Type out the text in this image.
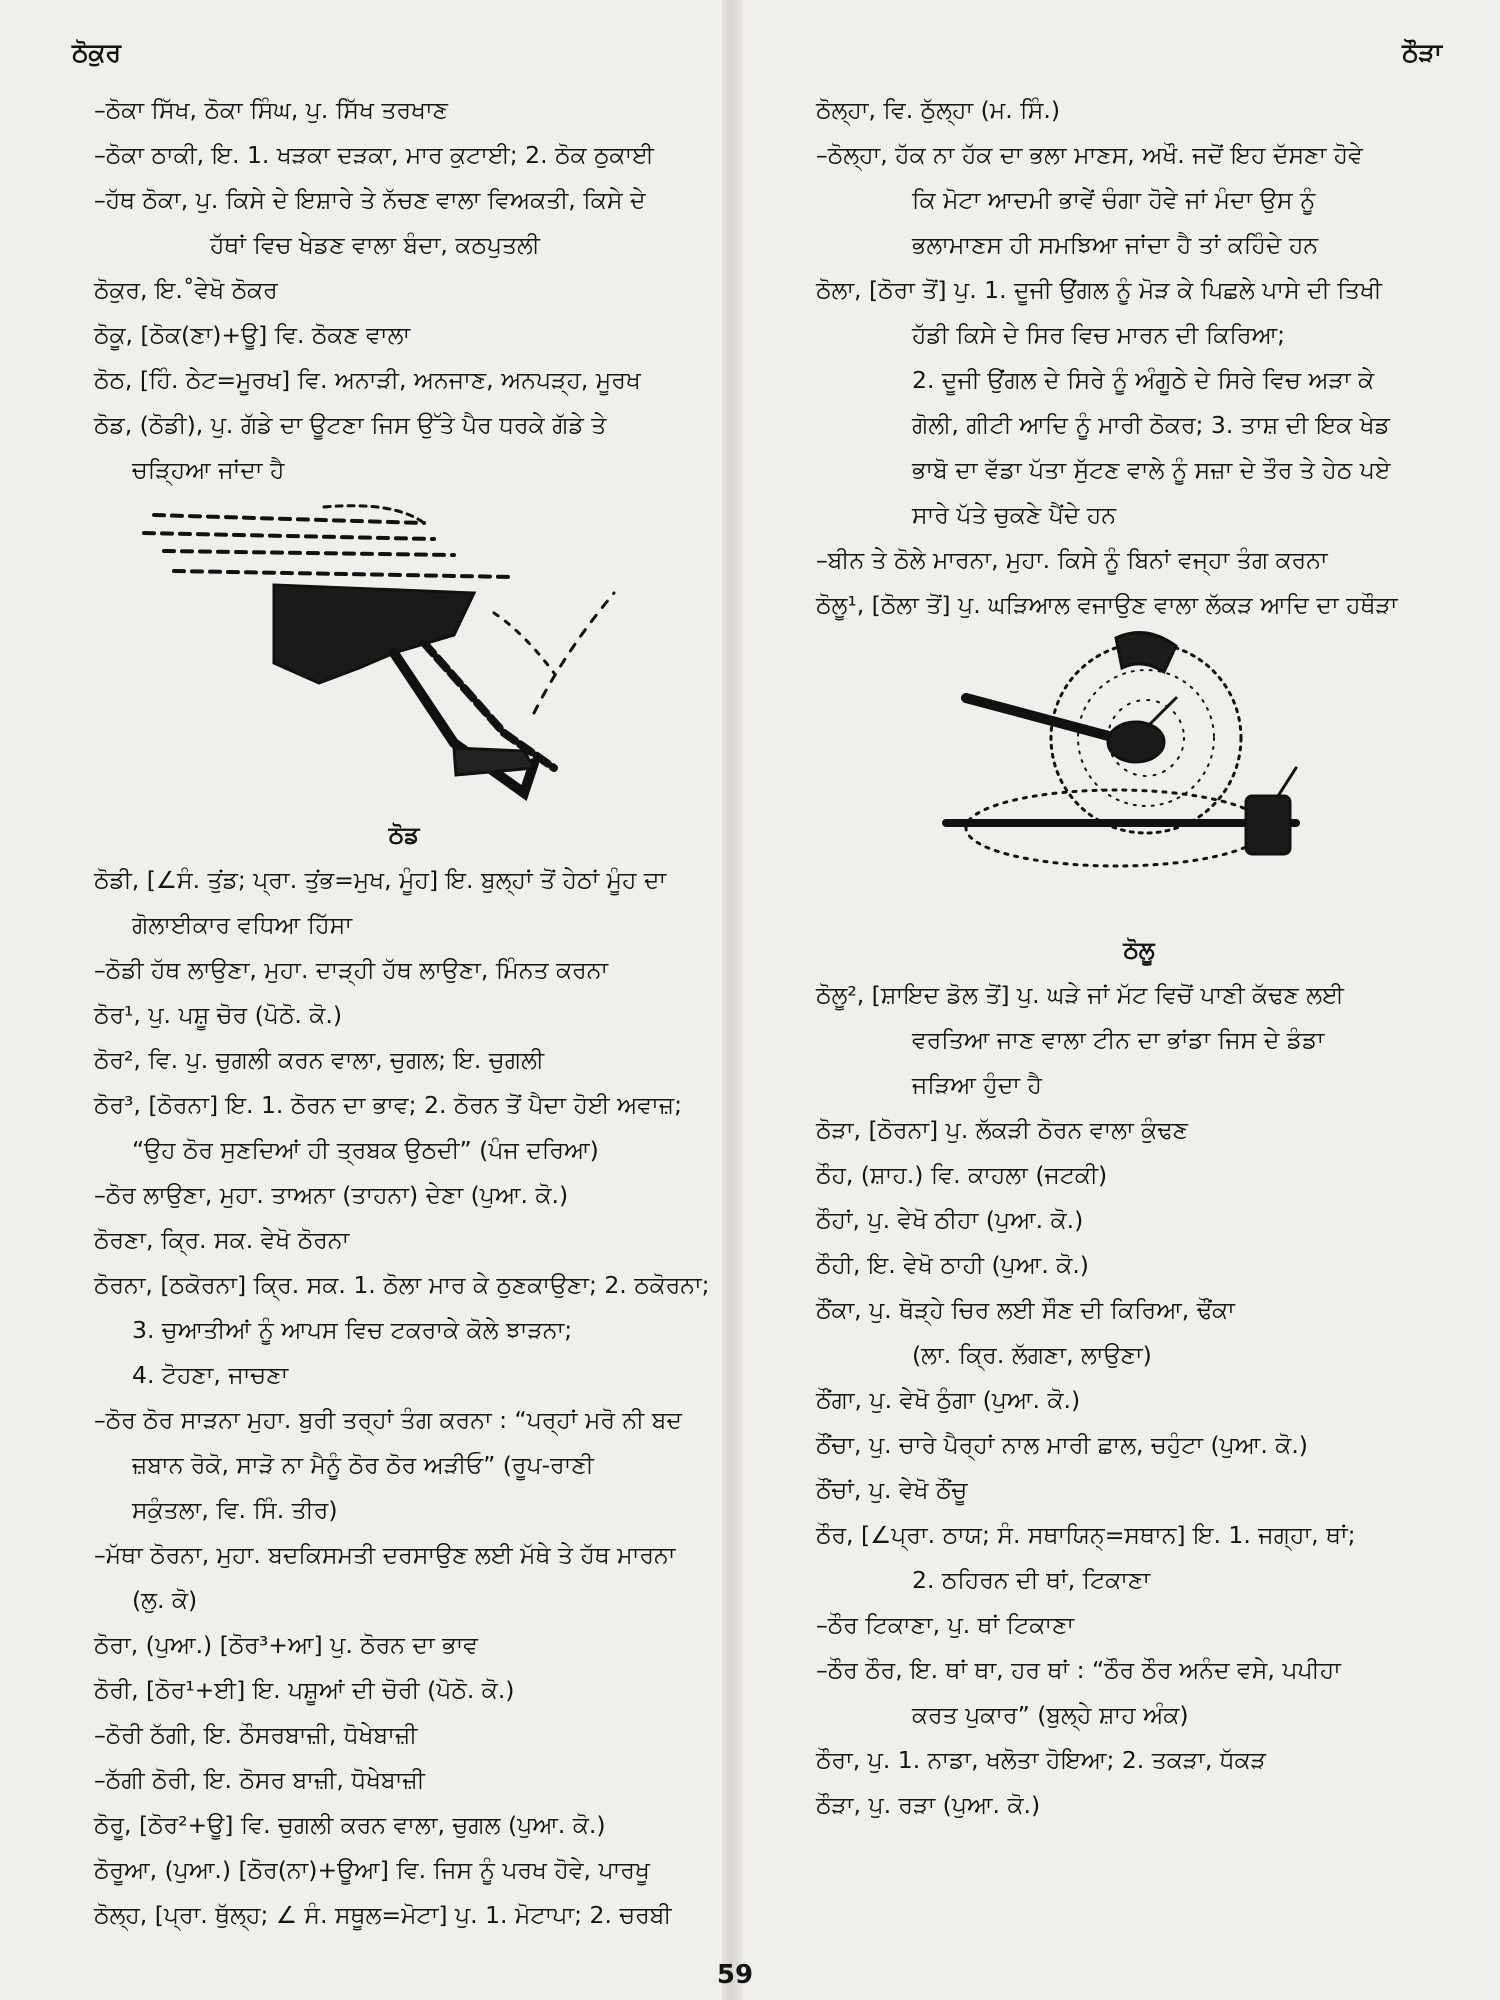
ਠੋਕੁਰ	ਠੌੜਾ

–ਠੋਕਾ ਸਿੱਖ, ਠੋਕਾ ਸਿੰਘ, ਪੁ. ਸਿੱਖ ਤਰਖਾਣ

–ਠੋਕਾ ਠਾਕੀ, ਇ. 1. ਖੜਕਾ ਦੜਕਾ, ਮਾਰ ਕੁਟਾਈ; 2. ਠੋਕ ਠੁਕਾਈ

–ਹੱਥ ਠੋਕਾ, ਪੁ. ਕਿਸੇ ਦੇ ਇਸ਼ਾਰੇ ਤੇ ਨੱਚਣ ਵਾਲਾ ਵਿਅਕਤੀ, ਕਿਸੇ ਦੇ

ਹੱਥਾਂ ਵਿਚ ਖੇਡਣ ਵਾਲਾ ਬੰਦਾ, ਕਠਪੁਤਲੀ

ਠੋਕੁਰ, ਇ.˚ਵੇਖੋ ਠੋਕਰ

ਠੋਕੂ, [ਠੋਕ(ਣਾ)+ਊ] ਵਿ. ਠੋਕਣ ਵਾਲਾ

ਠੋਠ, [ਹਿੰ. ਠੇਟ=ਮੂਰਖ] ਵਿ. ਅਨਾੜੀ, ਅਨਜਾਣ, ਅਨਪੜ੍ਹ, ਮੂਰਖ

ਠੋਡ, (ਠੋਡੀ), ਪੁ. ਗੱਡੇ ਦਾ ਊਟਣਾ ਜਿਸ ਉੱਤੇ ਪੈਰ ਧਰਕੇ ਗੱਡੇ ਤੇ

ਚੜ੍ਹਿਆ ਜਾਂਦਾ ਹੈ

ਠੋਡ

ਠੋਡੀ, [∠ਸੰ. ਤੁਂਡ; ਪ੍ਰਾ. ਤੁਂਭ=ਮੁਖ, ਮੂੰਹ] ਇ. ਬੁਲ੍ਹਾਂ ਤੋਂ ਹੇਠਾਂ ਮੂੰਹ ਦਾ

ਗੋਲਾਈਕਾਰ ਵਧਿਆ ਹਿੱਸਾ

–ਠੋਡੀ ਹੱਥ ਲਾਉਣਾ, ਮੁਹਾ. ਦਾੜ੍ਹੀ ਹੱਥ ਲਾਉਣਾ, ਮਿੰਨਤ ਕਰਨਾ

ਠੋਰ¹, ਪੁ. ਪਸ਼ੂ ਚੋਰ (ਪੋਠੋ. ਕੋ.)

ਠੋਰ², ਵਿ. ਪੁ. ਚੁਗਲੀ ਕਰਨ ਵਾਲਾ, ਚੁਗਲ; ਇ. ਚੁਗਲੀ

ਠੋਰ³, [ਠੋਰਨਾ] ਇ. 1. ਠੋਰਨ ਦਾ ਭਾਵ; 2. ਠੋਰਨ ਤੋਂ ਪੈਦਾ ਹੋਈ ਅਵਾਜ਼;

“ਉਹ ਠੋਰ ਸੁਣਦਿਆਂ ਹੀ ਤ੍ਰਬਕ ਉਠਦੀ” (ਪੰਜ ਦਰਿਆ)

–ਠੋਰ ਲਾਉਣਾ, ਮੁਹਾ. ਤਾਅਨਾ (ਤਾਹਨਾ) ਦੇਣਾ (ਪੁਆ. ਕੋ.)

ਠੋਰਣਾ, ਕ੍ਰਿ. ਸਕ. ਵੇਖੋ ਠੋਰਨਾ

ਠੋਰਨਾ, [ਠਕੋਰਨਾ] ਕ੍ਰਿ. ਸਕ. 1. ਠੋਲਾ ਮਾਰ ਕੇ ਠੁਣਕਾਉਣਾ; 2. ਠਕੋਰਨਾ;

3. ਚੁਆਤੀਆਂ ਨੂੰ ਆਪਸ ਵਿਚ ਟਕਰਾਕੇ ਕੋਲੇ ਝਾੜਨਾ;

4. ਟੋਹਣਾ, ਜਾਚਣਾ

–ਠੋਰ ਠੋਰ ਸਾੜਨਾ ਮੁਹਾ. ਬੁਰੀ ਤਰ੍ਹਾਂ ਤੰਗ ਕਰਨਾ : “ਪਰ੍ਹਾਂ ਮਰੋ ਨੀ ਬਦ

ਜ਼ਬਾਨ ਰੋਕੋ, ਸਾੜੋ ਨਾ ਮੈਨੂੰ ਠੋਰ ਠੋਰ ਅੜੀਓ” (ਰੂਪ-ਰਾਣੀ

ਸਕੁੰਤਲਾ, ਵਿ. ਸਿੰ. ਤੀਰ)

–ਮੱਥਾ ਠੋਰਨਾ, ਮੁਹਾ. ਬਦਕਿਸਮਤੀ ਦਰਸਾਉਣ ਲਈ ਮੱਥੇ ਤੇ ਹੱਥ ਮਾਰਨਾ

(ਲੁ. ਕੋ)

ਠੋਰਾ, (ਪੁਆ.) [ਠੋਰ³+ਆ] ਪੁ. ਠੋਰਨ ਦਾ ਭਾਵ

ਠੋਰੀ, [ਠੋਰ¹+ਈ] ਇ. ਪਸ਼ੂਆਂ ਦੀ ਚੋਰੀ (ਪੋਠੋ. ਕੋ.)

–ਠੋਰੀ ਠੱਗੀ, ਇ. ਠੌਸਰਬਾਜ਼ੀ, ਧੋਖੇਬਾਜ਼ੀ

–ਠੱਗੀ ਠੋਰੀ, ਇ. ਠੋਸਰ ਬਾਜ਼ੀ, ਧੋਖੇਬਾਜ਼ੀ

ਠੋਰੂ, [ਠੋਰ²+ਊ] ਵਿ. ਚੁਗਲੀ ਕਰਨ ਵਾਲਾ, ਚੁਗਲ (ਪੁਆ. ਕੋ.)

ਠੋਰੂਆ, (ਪੁਆ.) [ਠੋਰ(ਨਾ)+ਊਆ] ਵਿ. ਜਿਸ ਨੂੰ ਪਰਖ ਹੋਵੇ, ਪਾਰਖੂ

ਠੋਲ੍ਹ, [ਪ੍ਰਾ. ਥੁੱਲ੍ਹ; ∠ ਸੰ. ਸਥੂਲ=ਮੋਟਾ] ਪੁ. 1. ਮੋਟਾਪਾ; 2. ਚਰਬੀ

ਠੋਲ੍ਹਾ, ਵਿ. ਠੁੱਲ੍ਹਾ (ਮ. ਸਿੰ.)

–ਠੋਲ੍ਹਾ, ਹੱਕ ਨਾ ਹੱਕ ਦਾ ਭਲਾ ਮਾਣਸ, ਅਖੌ. ਜਦੋਂ ਇਹ ਦੱਸਣਾ ਹੋਵੇ

ਕਿ ਮੋਟਾ ਆਦਮੀ ਭਾਵੇਂ ਚੰਗਾ ਹੋਵੇ ਜਾਂ ਮੰਦਾ ਉਸ ਨੂੰ

ਭਲਾਮਾਣਸ ਹੀ ਸਮਝਿਆ ਜਾਂਦਾ ਹੈ ਤਾਂ ਕਹਿੰਦੇ ਹਨ

ਠੋਲਾ, [ਠੋਰਾ ਤੋਂ] ਪੁ. 1. ਦੂਜੀ ਉਂਗਲ ਨੂੰ ਮੋੜ ਕੇ ਪਿਛਲੇ ਪਾਸੇ ਦੀ ਤਿਖੀ

ਹੱਡੀ ਕਿਸੇ ਦੇ ਸਿਰ ਵਿਚ ਮਾਰਨ ਦੀ ਕਿਰਿਆ;

2. ਦੂਜੀ ਉਂਗਲ ਦੇ ਸਿਰੇ ਨੂੰ ਅੰਗੂਠੇ ਦੇ ਸਿਰੇ ਵਿਚ ਅੜਾ ਕੇ

ਗੋਲੀ, ਗੀਟੀ ਆਦਿ ਨੂੰ ਮਾਰੀ ਠੋਕਰ; 3. ਤਾਸ਼ ਦੀ ਇਕ ਖੇਡ

ਭਾਬੋ ਦਾ ਵੱਡਾ ਪੱਤਾ ਸੁੱਟਣ ਵਾਲੇ ਨੂੰ ਸਜ਼ਾ ਦੇ ਤੌਰ ਤੇ ਹੇਠ ਪਏ

ਸਾਰੇ ਪੱਤੇ ਚੁਕਣੇ ਪੈਂਦੇ ਹਨ

–ਬੀਨ ਤੇ ਠੋਲੇ ਮਾਰਨਾ, ਮੁਹਾ. ਕਿਸੇ ਨੂੰ ਬਿਨਾਂ ਵਜ੍ਹਾ ਤੰਗ ਕਰਨਾ

ਠੋਲੂ¹, [ਠੋਲਾ ਤੋਂ] ਪੁ. ਘੜਿਆਲ ਵਜਾਉਣ ਵਾਲਾ ਲੱਕੜ ਆਦਿ ਦਾ ਹਥੌੜਾ

ਠੋਲੂ

ਠੋਲੂ², [ਸ਼ਾਇਦ ਡੋਲ ਤੋਂ] ਪੁ. ਘੜੇ ਜਾਂ ਮੱਟ ਵਿਚੋਂ ਪਾਣੀ ਕੱਢਣ ਲਈ

ਵਰਤਿਆ ਜਾਣ ਵਾਲਾ ਟੀਨ ਦਾ ਭਾਂਡਾ ਜਿਸ ਦੇ ਡੰਡਾ

ਜੜਿਆ ਹੁੰਦਾ ਹੈ

ਠੋੜਾ, [ਠੋਰਨਾ] ਪੁ. ਲੱਕੜੀ ਠੋਰਨ ਵਾਲਾ ਕੁੰਢਣ

ਠੌਹ, (ਸ਼ਾਹ.) ਵਿ. ਕਾਹਲਾ (ਜਟਕੀ)

ਠੌਹਾਂ, ਪੁ. ਵੇਖੋ ਠੀਹਾ (ਪੁਆ. ਕੋ.)

ਠੌਹੀ, ਇ. ਵੇਖੋ ਠਾਹੀ (ਪੁਆ. ਕੋ.)

ਠੌਂਕਾ, ਪੁ. ਥੋੜ੍ਹੇ ਚਿਰ ਲਈ ਸੌਣ ਦੀ ਕਿਰਿਆ, ਢੌਂਕਾ

(ਲਾ. ਕ੍ਰਿ. ਲੱਗਣਾ, ਲਾਉਣਾ)

ਠੌਂਗਾ, ਪੁ. ਵੇਖੋ ਠੁੰਗਾ (ਪੁਆ. ਕੋ.)

ਠੌਂਚਾ, ਪੁ. ਚਾਰੇ ਪੈਰ੍ਹਾਂ ਨਾਲ ਮਾਰੀ ਛਾਲ, ਚਹੁੰਟਾ (ਪੁਆ. ਕੋ.)

ਠੌਂਚਾਂ, ਪੁ. ਵੇਖੋ ਠੌਂਚੂ

ਠੌਰ, [∠ਪ੍ਰਾ. ਠਾਯ; ਸੰ. ਸਥਾਯਿਨ੍=ਸਥਾਨ] ਇ. 1. ਜਗ੍ਹਾ, ਥਾਂ;

2. ਠਹਿਰਨ ਦੀ ਥਾਂ, ਟਿਕਾਣਾ

–ਠੌਰ ਟਿਕਾਣਾ, ਪੁ. ਥਾਂ ਟਿਕਾਣਾ

–ਠੌਰ ਠੌਰ, ਇ. ਥਾਂ ਥਾ, ਹਰ ਥਾਂ : “ਠੌਰ ਠੌਰ ਅਨੰਦ ਵਸੇ, ਪਪੀਹਾ

ਕਰਤ ਪੁਕਾਰ” (ਬੁਲ੍ਹੇ ਸ਼ਾਹ ਅੰਕ)

ਠੌਰਾ, ਪੁ. 1. ਨਾਡਾ, ਖਲੋਤਾ ਹੋਇਆ; 2. ਤਕੜਾ, ਧੱਕੜ

ਠੌੜਾ, ਪੁ. ਰੜਾ (ਪੁਆ. ਕੋ.)

59
